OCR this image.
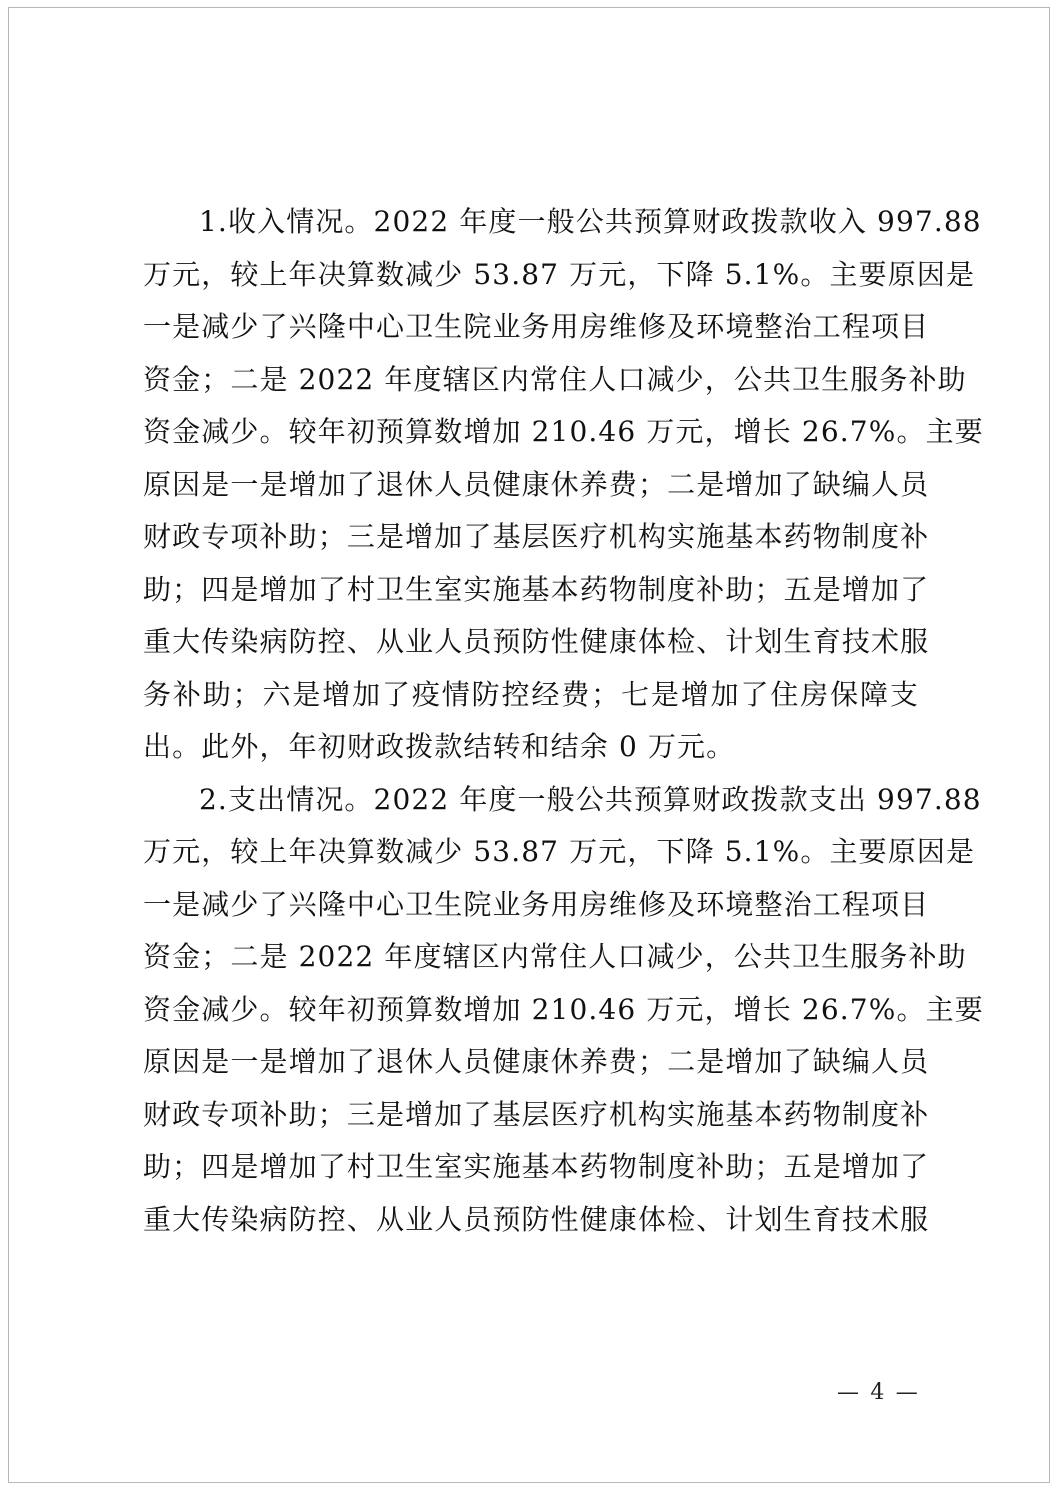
1.收入情况。2022 年度一般公共预算财政拨款收入 997.88
万元，较上年决算数减少 53.87 万元，下降 5.1%。主要原因是
一是减少了兴隆中心卫生院业务用房维修及环境整治工程项目
资金；二是 2022 年度辖区内常住人口减少，公共卫生服务补助
资金减少。较年初预算数增加 210.46 万元，增长 26.7%。主要
原因是一是增加了退休人员健康休养费；二是增加了缺编人员
财政专项补助；三是增加了基层医疗机构实施基本药物制度补
助；四是增加了村卫生室实施基本药物制度补助；五是增加了
重大传染病防控、从业人员预防性健康体检、计划生育技术服
务补助；六是增加了疫情防控经费；七是增加了住房保障支
出。此外，年初财政拨款结转和结余 0 万元。
2.支出情况。2022 年度一般公共预算财政拨款支出 997.88
万元，较上年决算数减少 53.87 万元，下降 5.1%。主要原因是
一是减少了兴隆中心卫生院业务用房维修及环境整治工程项目
资金；二是 2022 年度辖区内常住人口减少，公共卫生服务补助
资金减少。较年初预算数增加 210.46 万元，增长 26.7%。主要
原因是一是增加了退休人员健康休养费；二是增加了缺编人员
财政专项补助；三是增加了基层医疗机构实施基本药物制度补
助；四是增加了村卫生室实施基本药物制度补助；五是增加了
重大传染病防控、从业人员预防性健康体检、计划生育技术服
— 4 —
